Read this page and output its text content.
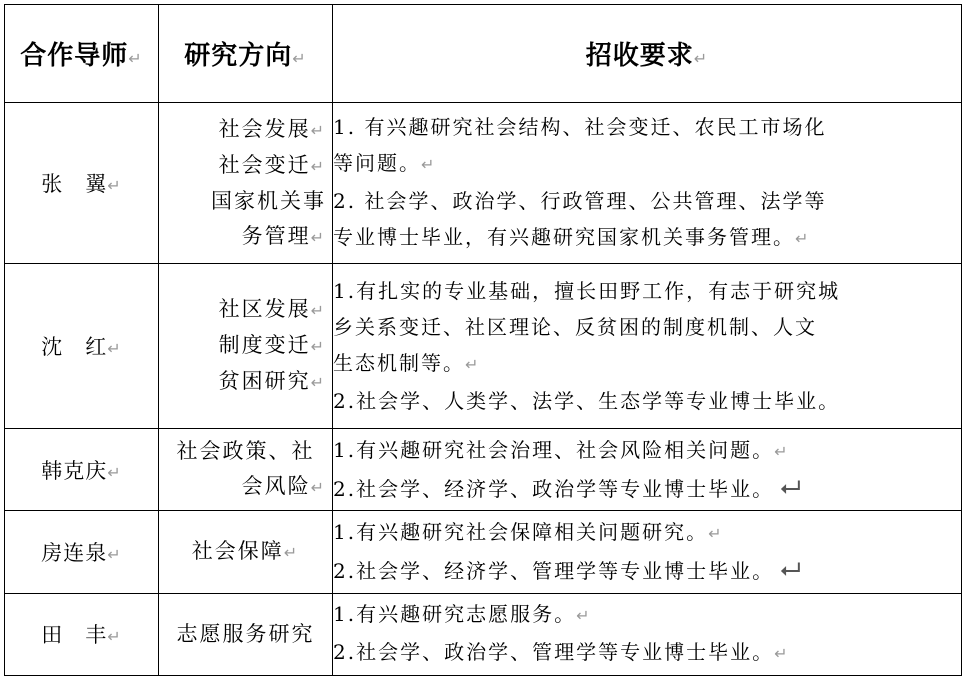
合作导师↵	研究方向↵	招收要求↵
张　翼↵	社会发展↵
社会变迁↵
国家机关事
务管理↵	1. 有兴趣研究社会结构、社会变迁、农民工市场化
等问题。↵
2. 社会学、政治学、行政管理、公共管理、法学等
专业博士毕业，有兴趣研究国家机关事务管理。↵

沈　红↵	社区发展↵
制度变迁↵
贫困研究↵	1.有扎实的专业基础，擅长田野工作，有志于研究城
乡关系变迁、社区理论、反贫困的制度机制、人文
生态机制等。↵
2.社会学、人类学、法学、生态学等专业博士毕业。

韩克庆↵	社会政策、社
会风险↵	1.有兴趣研究社会治理、社会风险相关问题。↵
2.社会学、经济学、政治学等专业博士毕业。 ⮠

房连泉↵	社会保障↵	1.有兴趣研究社会保障相关问题研究。↵
2.社会学、经济学、管理学等专业博士毕业。 ⮠

田　丰↵	志愿服务研究	1.有兴趣研究志愿服务。↵
2.社会学、政治学、管理学等专业博士毕业。↵
